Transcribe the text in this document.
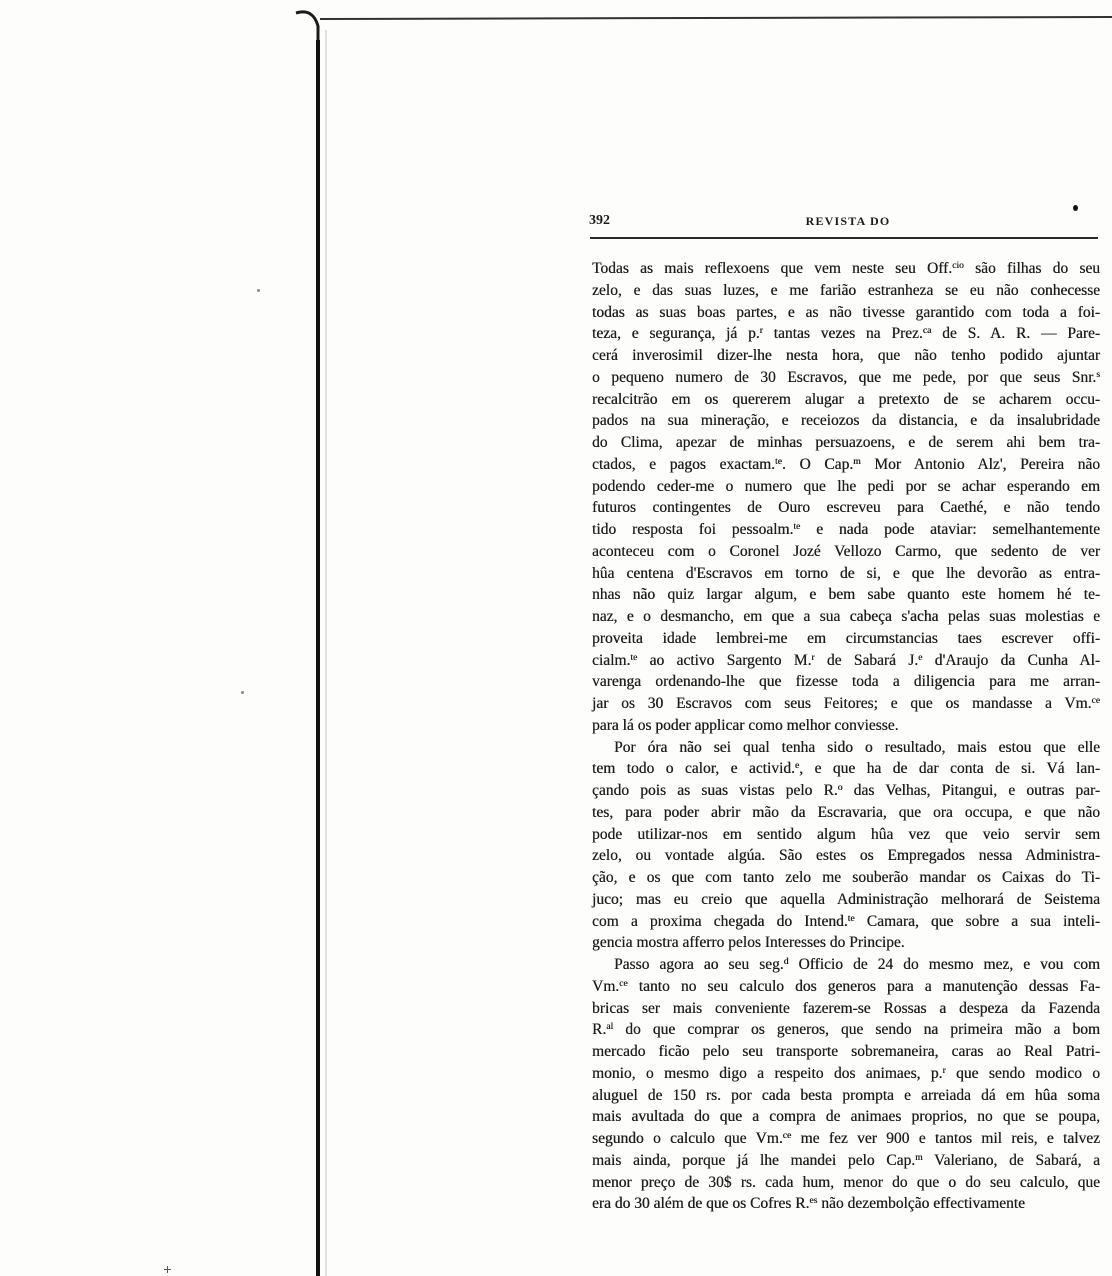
392	REVISTA DO
Todas as mais reflexoens que vem neste seu Off.$^{cio}$ são filhas do seu
zelo, e das suas luzes, e me farião estranheza se eu não conhecesse
todas as suas boas partes, e as não tivesse garantido com toda a foi-
teza, e segurança, já p.$^r$ tantas vezes na Prez.$^{ca}$ de S. A. R. — Pare-
cerá inverosimil dizer-lhe nesta hora, que não tenho podido ajuntar
o pequeno numero de 30 Escravos, que me pede, por que seus Snr.$^s$
recalcitrão em os quererem alugar a pretexto de se acharem occu-
pados na sua mineração, e receiozos da distancia, e da insalubridade
do Clima, apezar de minhas persuazoens, e de serem ahi bem tra-
ctados, e pagos exactam.$^{te}$. O Cap.$^m$ Mor Antonio Alz', Pereira não
podendo ceder-me o numero que lhe pedi por se achar esperando em
futuros contingentes de Ouro escreveu para Caethé, e não tendo
tido resposta foi pessoalm.$^{te}$ e nada pode ataviar: semelhantemente
aconteceu com o Coronel Jozé Vellozo Carmo, que sedento de ver
hûa centena d'Escravos em torno de si, e que lhe devorão as entra-
nhas não quiz largar algum, e bem sabe quanto este homem hé te-
naz, e o desmancho, em que a sua cabeça s'acha pelas suas molestias e
proveita idade lembrei-me em circumstancias taes escrever offi-
cialm.$^{te}$ ao activo Sargento M.$^r$ de Sabará J.$^e$ d'Araujo da Cunha Al-
varenga ordenando-lhe que fizesse toda a diligencia para me arran-
jar os 30 Escravos com seus Feitores; e que os mandasse a Vm.$^{ce}$
para lá os poder applicar como melhor conviesse.
Por óra não sei qual tenha sido o resultado, mais estou que elle
tem todo o calor, e activid.$^e$, e que ha de dar conta de si. Vá lan-
çando pois as suas vistas pelo R.$^o$ das Velhas, Pitangui, e outras par-
tes, para poder abrir mão da Escravaria, que ora occupa, e que não
pode utilizar-nos em sentido algum hûa vez que veio servir sem
zelo, ou vontade algúa. São estes os Empregados nessa Administra-
ção, e os que com tanto zelo me souberão mandar os Caixas do Ti-
juco; mas eu creio que aquella Administração melhorará de Seistema
com a proxima chegada do Intend.$^{te}$ Camara, que sobre a sua inteli-
gencia mostra afferro pelos Interesses do Principe.
Passo agora ao seu seg.$^d$ Officio de 24 do mesmo mez, e vou com
Vm.$^{ce}$ tanto no seu calculo dos generos para a manutenção dessas Fa-
bricas ser mais conveniente fazerem-se Rossas a despeza da Fazenda
R.$^{al}$ do que comprar os generos, que sendo na primeira mão a bom
mercado ficão pelo seu transporte sobremaneira, caras ao Real Patri-
monio, o mesmo digo a respeito dos animaes, p.$^r$ que sendo modico o
aluguel de 150 rs. por cada besta prompta e arreiada dá em hûa soma
mais avultada do que a compra de animaes proprios, no que se poupa,
segundo o calculo que Vm.$^{ce}$ me fez ver 900 e tantos mil reis, e talvez
mais ainda, porque já lhe mandei pelo Cap.$^m$ Valeriano, de Sabará, a
menor preço de 30$ rs. cada hum, menor do que o do seu calculo, que
era do 30 além de que os Cofres R.$^{es}$ não dezembolção effectivamente
